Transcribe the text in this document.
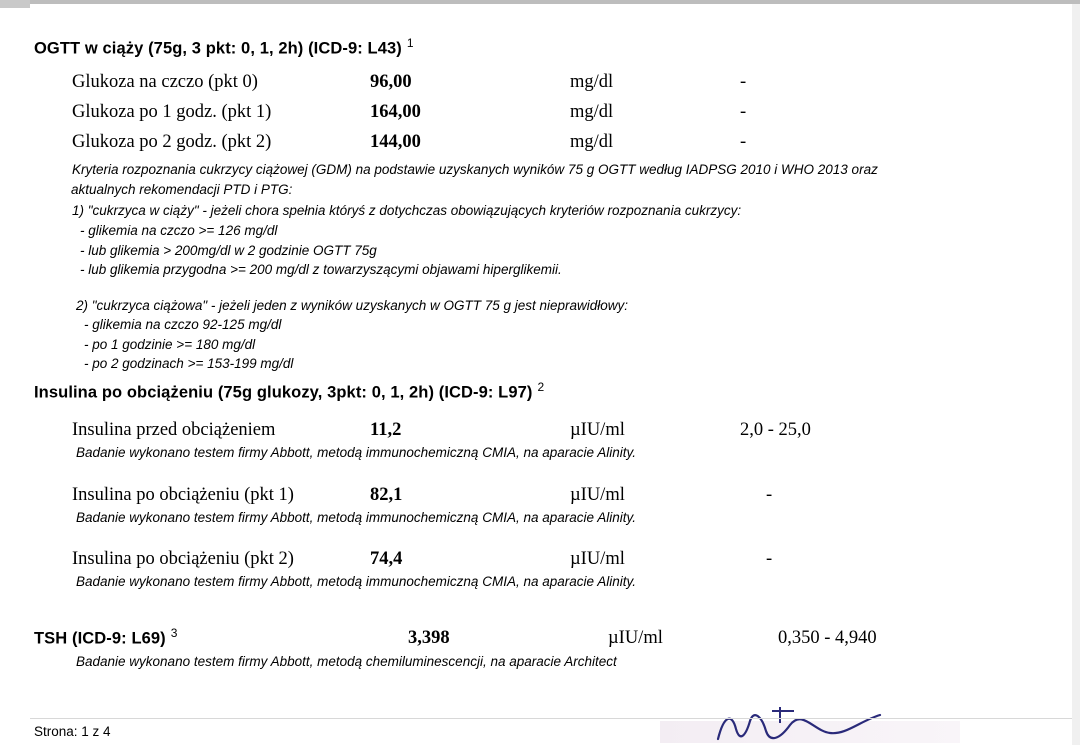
OGTT w ciąży (75g, 3 pkt: 0, 1, 2h) (ICD-9: L43) $^1$
Glukoza na czczo (pkt 0)	96,00	mg/dl	-
Glukoza po 1 godz. (pkt 1)	164,00	mg/dl	-
Glukoza po 2 godz. (pkt 2)	144,00	mg/dl	-
Kryteria rozpoznania cukrzycy ciążowej (GDM) na podstawie uzyskanych wyników 75 g OGTT według IADPSG 2010 i WHO 2013 oraz
aktualnych rekomendacji PTD i PTG:
1) "cukrzyca w ciąży" - jeżeli chora spełnia któryś z dotychczas obowiązujących kryteriów rozpoznania cukrzycy:
- glikemia na czczo >= 126 mg/dl
- lub glikemia > 200mg/dl w 2 godzinie OGTT 75g
- lub glikemia przygodna >= 200 mg/dl z towarzyszącymi objawami hiperglikemii.
2) "cukrzyca ciążowa" - jeżeli jeden z wyników uzyskanych w OGTT 75 g jest nieprawidłowy:
- glikemia na czczo 92-125 mg/dl
- po 1 godzinie >= 180 mg/dl
- po 2 godzinach >= 153-199 mg/dl
Insulina po obciążeniu (75g glukozy, 3pkt: 0, 1, 2h) (ICD-9: L97) $^2$
Insulina przed obciążeniem	11,2	µIU/ml	2,0 - 25,0
Badanie wykonano testem firmy Abbott, metodą immunochemiczną CMIA, na aparacie Alinity.
Insulina po obciążeniu (pkt 1)	82,1	µIU/ml	-
Badanie wykonano testem firmy Abbott, metodą immunochemiczną CMIA, na aparacie Alinity.
Insulina po obciążeniu (pkt 2)	74,4	µIU/ml	-
Badanie wykonano testem firmy Abbott, metodą immunochemiczną CMIA, na aparacie Alinity.
TSH (ICD-9: L69) $^3$	3,398	µIU/ml	0,350 - 4,940
Badanie wykonano testem firmy Abbott, metodą chemiluminescencji, na aparacie Architect
Strona: 1 z 4
